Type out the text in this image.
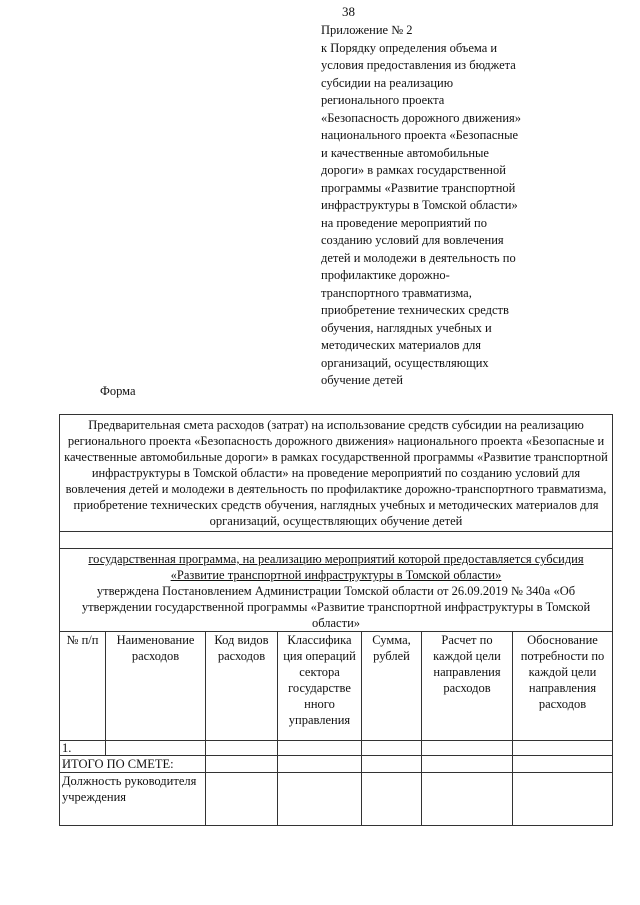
38
Приложение № 2
к Порядку определения объема и
условия предоставления из бюджета
субсидии на реализацию
регионального проекта
«Безопасность дорожного движения»
национального проекта «Безопасные
и качественные автомобильные
дороги» в рамках государственной
программы «Развитие транспортной
инфраструктуры в Томской области»
на проведение мероприятий по
созданию условий для вовлечения
детей и молодежи в деятельность по
профилактике дорожно-
транспортного травматизма,
приобретение технических средств
обучения, наглядных учебных и
методических материалов для
организаций, осуществляющих
обучение детей
Форма
Предварительная смета расходов (затрат) на использование средств субсидии на реализацию регионального проекта «Безопасность дорожного движения» национального проекта «Безопасные и качественные автомобильные дороги» в рамках государственной программы «Развитие транспортной инфраструктуры в Томской области» на проведение мероприятий по созданию условий для вовлечения детей и молодежи в деятельность по профилактике дорожно-транспортного травматизма, приобретение технических средств обучения, наглядных учебных и методических материалов для организаций, осуществляющих обучение детей						

государственная программа, на реализацию мероприятий которой предоставляется субсидия «Развитие транспортной инфраструктуры в Томской области»
утверждена Постановлением Администрации Томской области от 26.09.2019 № 340а «Об утверждении государственной программы «Развитие транспортной инфраструктуры в Томской области»						

№ п/п	Наименование расходов	Код видов расходов	Классифика ция операций сектора государстве нного управления	Сумма, рублей	Расчет по каждой цели направления расходов	Обоснование потребности по каждой цели направления расходов
1.						
ИТОГО ПО СМЕТЕ:						
Должность руководителя учреждения						
